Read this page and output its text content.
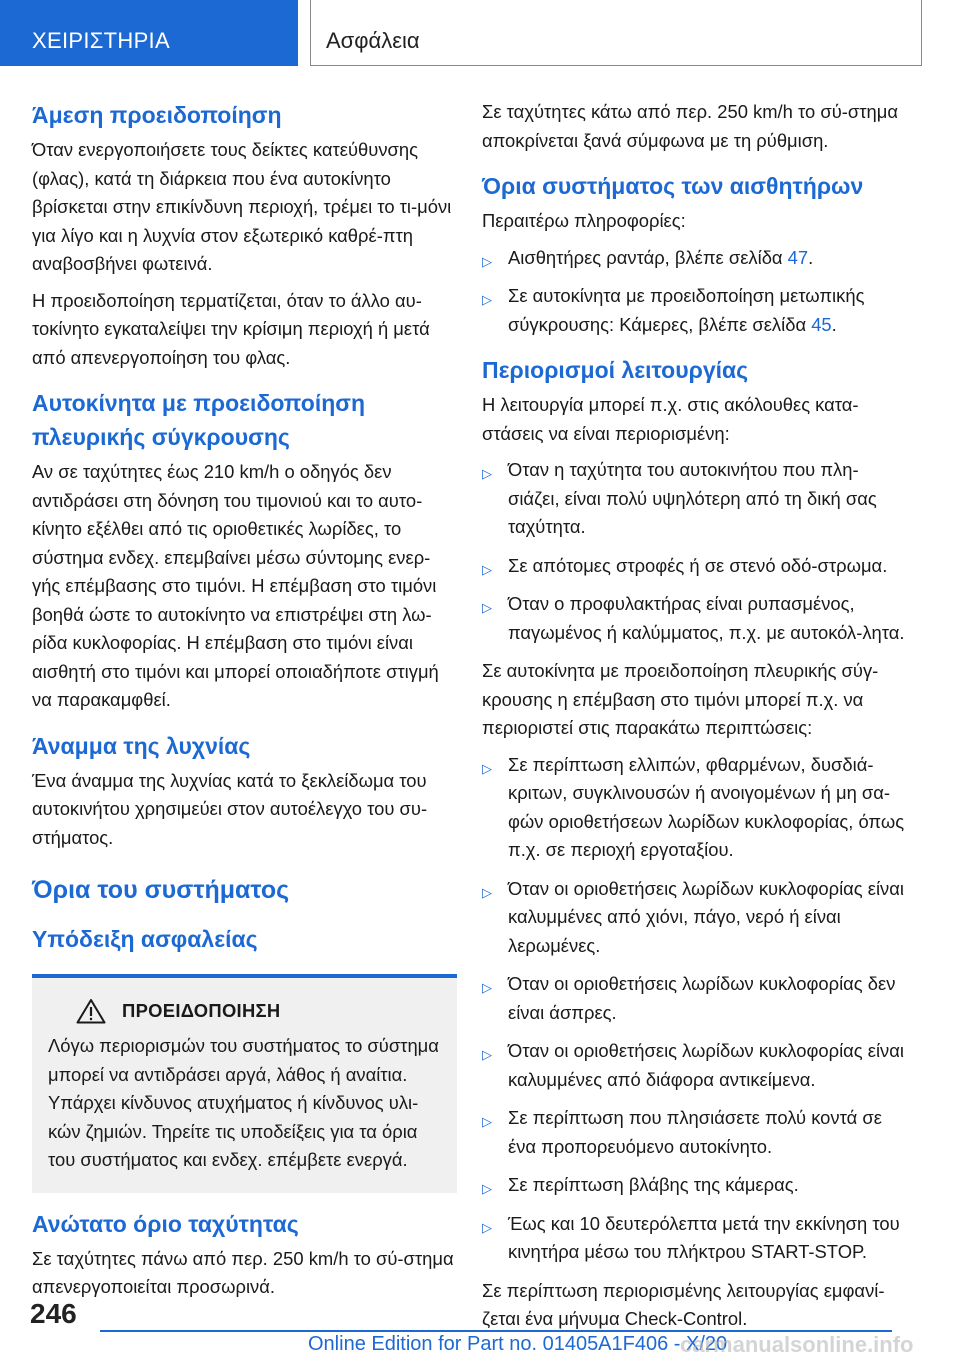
ΧΕΙΡΙΣΤΗΡΙΑ	Ασφάλεια
Άμεση προειδοποίηση

Όταν ενεργοποιήσετε τους δείκτες κατεύθυνσης (φλας), κατά τη διάρκεια που ένα αυτοκίνητο βρίσκεται στην επικίνδυνη περιοχή, τρέμει το τι-μόνι για λίγο και η λυχνία στον εξωτερικό καθρέ-πτη αναβοσβήνει φωτεινά.

Η προειδοποίηση τερματίζεται, όταν το άλλο αυ-τοκίνητο εγκαταλείψει την κρίσιμη περιοχή ή μετά από απενεργοποίηση του φλας.

Αυτοκίνητα με προειδοποίηση πλευρικής σύγκρουσης

Αν σε ταχύτητες έως 210 km/h ο οδηγός δεν αντιδράσει στη δόνηση του τιμονιού και το αυτο-κίνητο εξέλθει από τις οριοθετικές λωρίδες, το σύστημα ενδεχ. επεμβαίνει μέσω σύντομης ενερ-γής επέμβασης στο τιμόνι. Η επέμβαση στο τιμόνι βοηθά ώστε το αυτοκίνητο να επιστρέψει στη λω-ρίδα κυκλοφορίας. Η επέμβαση στο τιμόνι είναι αισθητή στο τιμόνι και μπορεί οποιαδήποτε στιγμή να παρακαμφθεί.

Άναμμα της λυχνίας

Ένα άναμμα της λυχνίας κατά το ξεκλείδωμα του αυτοκινήτου χρησιμεύει στον αυτοέλεγχο του συ-στήματος.

Όρια του συστήματος
Υπόδειξη ασφαλείας
ΠΡΟΕΙΔΟΠΟΙΗΣΗ

Λόγω περιορισμών του συστήματος το σύστημα μπορεί να αντιδράσει αργά, λάθος ή αναίτια. Υπάρχει κίνδυνος ατυχήματος ή κίνδυνος υλι-κών ζημιών. Τηρείτε τις υποδείξεις για τα όρια του συστήματος και ενδεχ. επέμβετε ενεργά.

Ανώτατο όριο ταχύτητας

Σε ταχύτητες πάνω από περ. 250 km/h το σύ-στημα απενεργοποιείται προσωρινά.

Σε ταχύτητες κάτω από περ. 250 km/h το σύ-στημα αποκρίνεται ξανά σύμφωνα με τη ρύθμιση.

Όρια συστήματος των αισθητήρων

Περαιτέρω πληροφορίες:

▷ Αισθητήρες ραντάρ, βλέπε σελίδα 47.
▷ Σε αυτοκίνητα με προειδοποίηση μετωπικής σύγκρουσης: Κάμερες, βλέπε σελίδα 45.
Περιορισμοί λειτουργίας

Η λειτουργία μπορεί π.χ. στις ακόλουθες κατα-στάσεις να είναι περιορισμένη:

▷ Όταν η ταχύτητα του αυτοκινήτου που πλη-σιάζει, είναι πολύ υψηλότερη από τη δική σας ταχύτητα.
▷ Σε απότομες στροφές ή σε στενό οδό-στρωμα.
▷ Όταν ο προφυλακτήρας είναι ρυπασμένος, παγωμένος ή καλύμματος, π.χ. με αυτοκόλ-λητα.

Σε αυτοκίνητα με προειδοποίηση πλευρικής σύγ-κρουσης η επέμβαση στο τιμόνι μπορεί π.χ. να περιοριστεί στις παρακάτω περιπτώσεις:

▷ Σε περίπτωση ελλιπών, φθαρμένων, δυσδιά-κριτων, συγκλινουσών ή ανοιγομένων ή μη σα-φών οριοθετήσεων λωρίδων κυκλοφορίας, όπως π.χ. σε περιοχή εργοταξίου.
▷ Όταν οι οριοθετήσεις λωρίδων κυκλοφορίας είναι καλυμμένες από χιόνι, πάγο, νερό ή είναι λερωμένες.
▷ Όταν οι οριοθετήσεις λωρίδων κυκλοφορίας δεν είναι άσπρες.
▷ Όταν οι οριοθετήσεις λωρίδων κυκλοφορίας είναι καλυμμένες από διάφορα αντικείμενα.
▷ Σε περίπτωση που πλησιάσετε πολύ κοντά σε ένα προπορευόμενο αυτοκίνητο.
▷ Σε περίπτωση βλάβης της κάμερας.
▷ Έως και 10 δευτερόλεπτα μετά την εκκίνηση του κινητήρα μέσω του πλήκτρου START-STOP.

Σε περίπτωση περιορισμένης λειτουργίας εμφανί-ζεται ένα μήνυμα Check-Control.

246
Online Edition for Part no. 01405A1F406 - X/20
carmanualsonline.info
